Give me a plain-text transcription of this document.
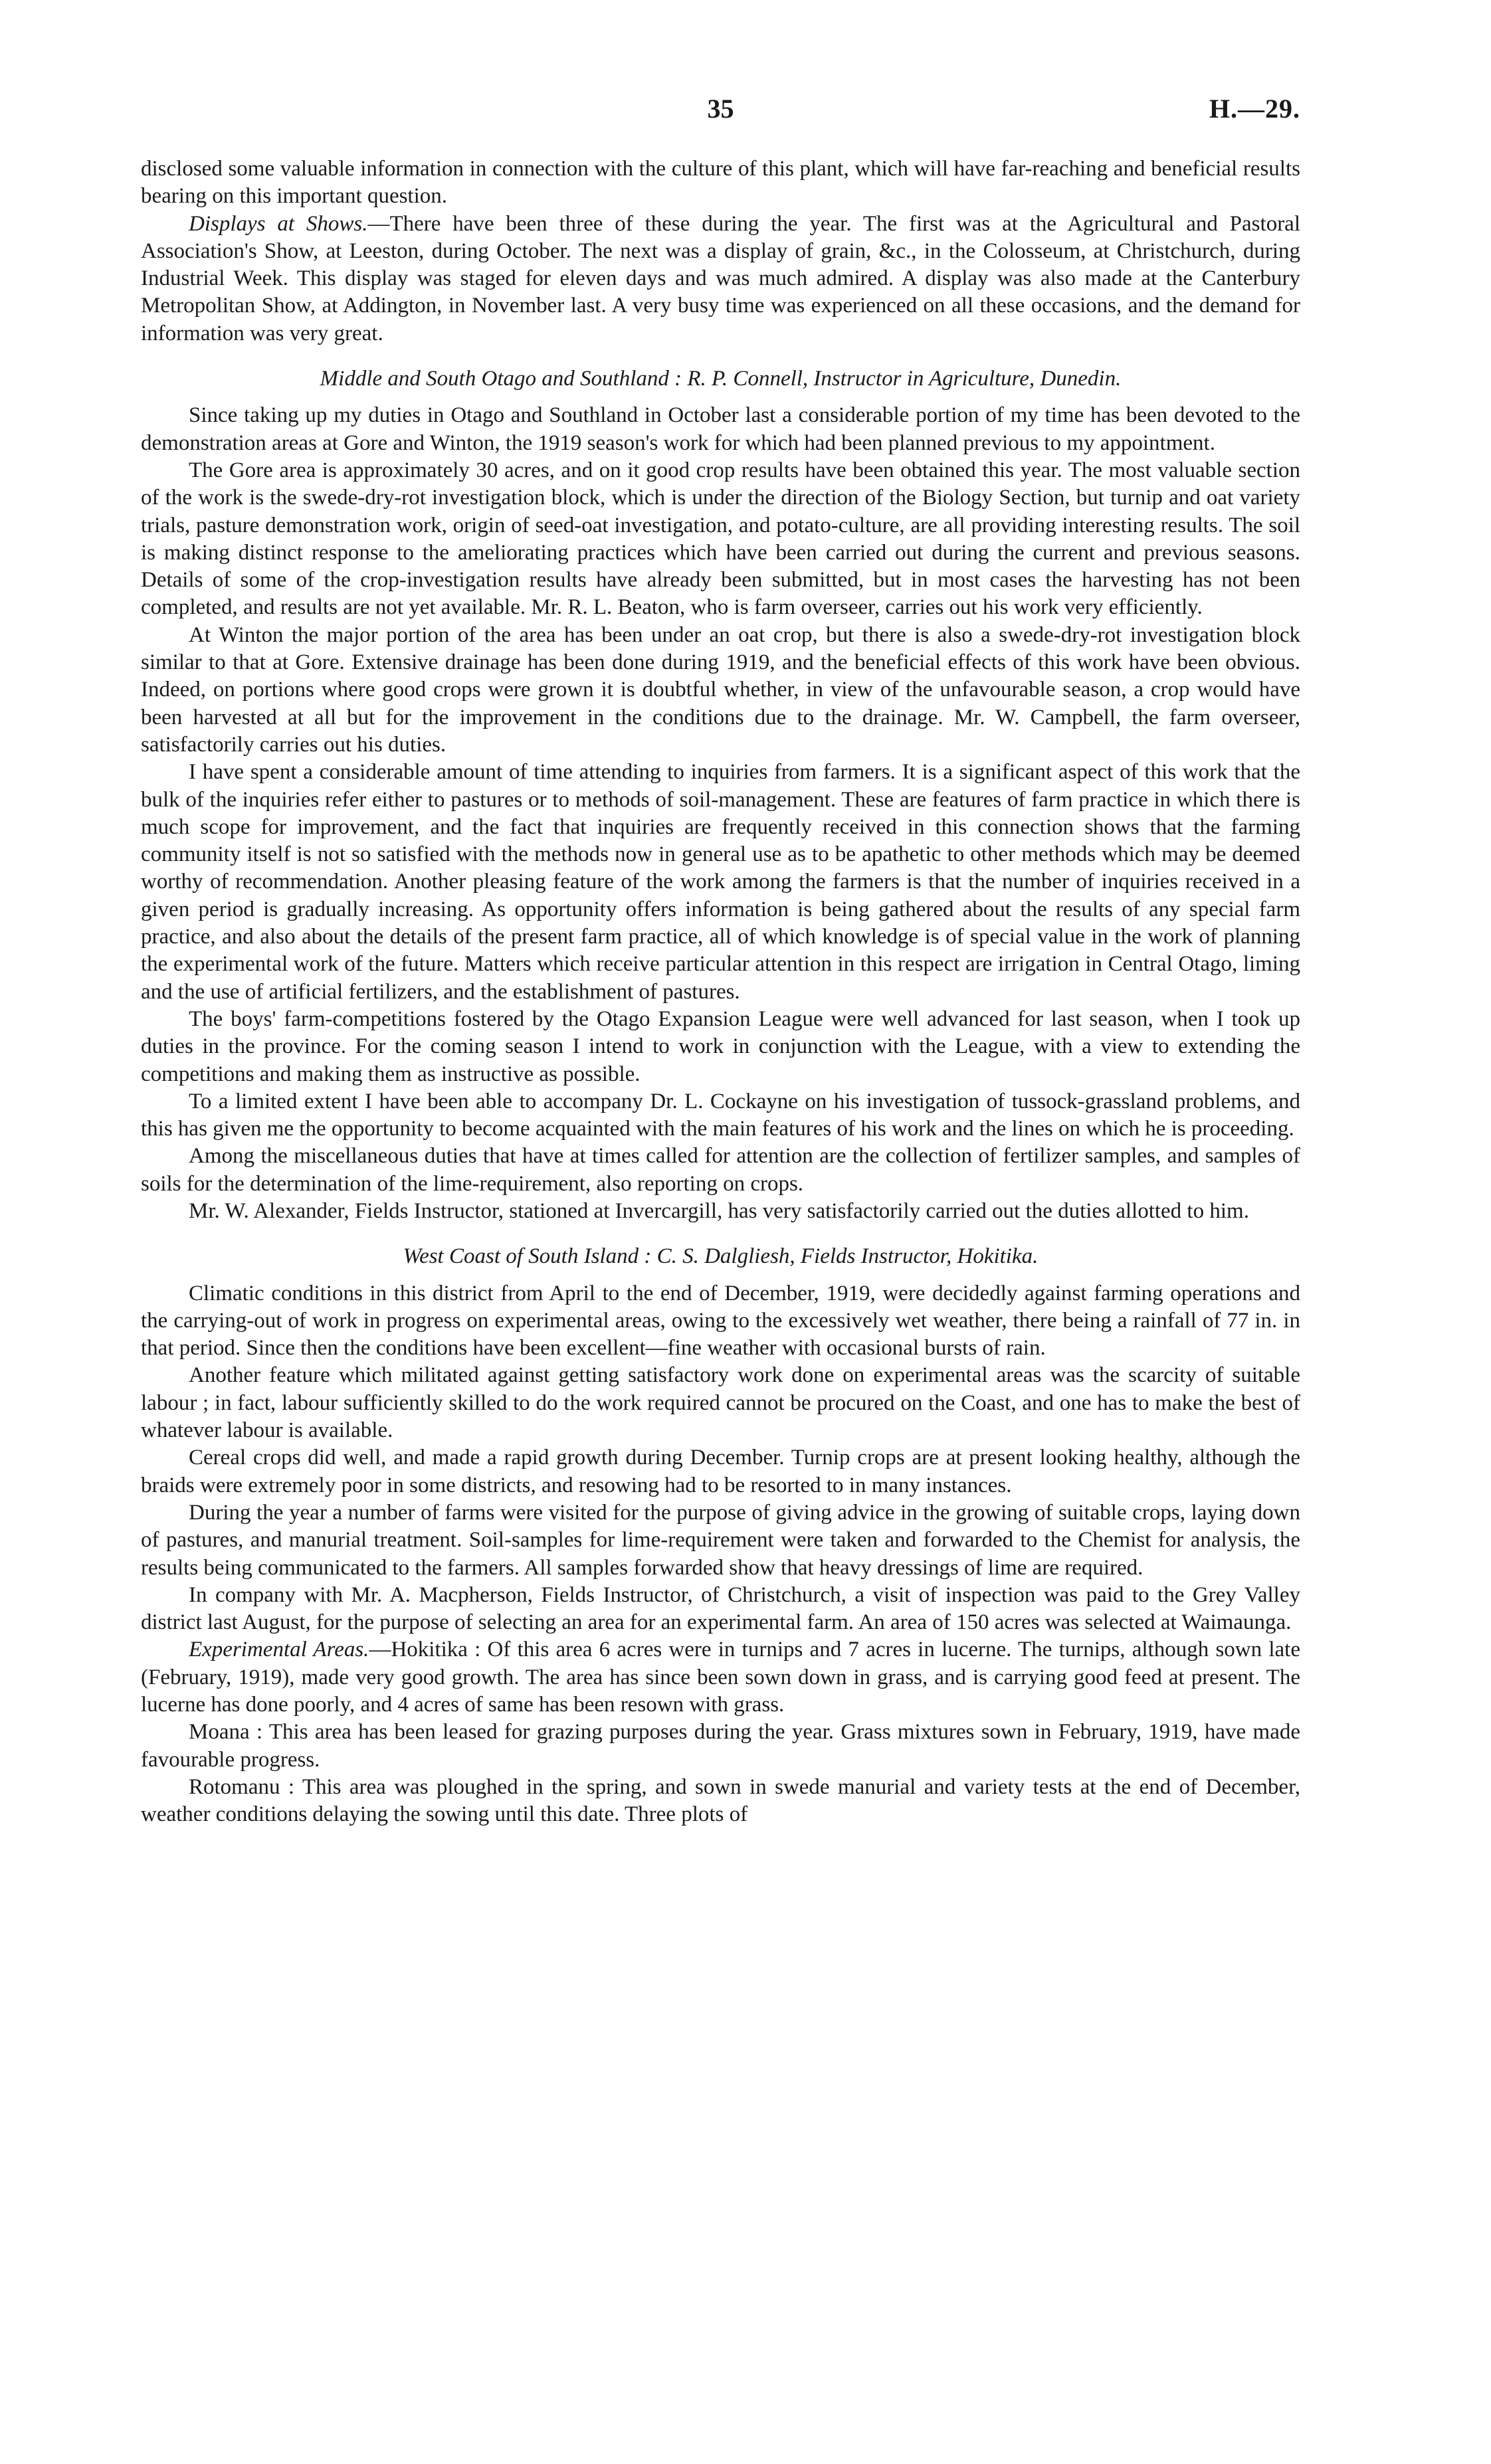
35	H.—29.

disclosed some valuable information in connection with the culture of this plant, which will have far-reaching and beneficial results bearing on this important question.

Displays at Shows.—There have been three of these during the year. The first was at the Agricultural and Pastoral Association's Show, at Leeston, during October. The next was a display of grain, &c., in the Colosseum, at Christchurch, during Industrial Week. This display was staged for eleven days and was much admired. A display was also made at the Canterbury Metropolitan Show, at Addington, in November last. A very busy time was experienced on all these occasions, and the demand for information was very great.

Middle and South Otago and Southland : R. P. Connell, Instructor in Agriculture, Dunedin.

Since taking up my duties in Otago and Southland in October last a considerable portion of my time has been devoted to the demonstration areas at Gore and Winton, the 1919 season's work for which had been planned previous to my appointment.

The Gore area is approximately 30 acres, and on it good crop results have been obtained this year. The most valuable section of the work is the swede-dry-rot investigation block, which is under the direction of the Biology Section, but turnip and oat variety trials, pasture demonstration work, origin of seed-oat investigation, and potato-culture, are all providing interesting results. The soil is making distinct response to the ameliorating practices which have been carried out during the current and previous seasons. Details of some of the crop-investigation results have already been submitted, but in most cases the harvesting has not been completed, and results are not yet available. Mr. R. L. Beaton, who is farm overseer, carries out his work very efficiently.

At Winton the major portion of the area has been under an oat crop, but there is also a swede-dry-rot investigation block similar to that at Gore. Extensive drainage has been done during 1919, and the beneficial effects of this work have been obvious. Indeed, on portions where good crops were grown it is doubtful whether, in view of the unfavourable season, a crop would have been harvested at all but for the improvement in the conditions due to the drainage. Mr. W. Campbell, the farm overseer, satisfactorily carries out his duties.

I have spent a considerable amount of time attending to inquiries from farmers. It is a significant aspect of this work that the bulk of the inquiries refer either to pastures or to methods of soil-management. These are features of farm practice in which there is much scope for improvement, and the fact that inquiries are frequently received in this connection shows that the farming community itself is not so satisfied with the methods now in general use as to be apathetic to other methods which may be deemed worthy of recommendation. Another pleasing feature of the work among the farmers is that the number of inquiries received in a given period is gradually increasing. As opportunity offers information is being gathered about the results of any special farm practice, and also about the details of the present farm practice, all of which knowledge is of special value in the work of planning the experimental work of the future. Matters which receive particular attention in this respect are irrigation in Central Otago, liming and the use of artificial fertilizers, and the establishment of pastures.

The boys' farm-competitions fostered by the Otago Expansion League were well advanced for last season, when I took up duties in the province. For the coming season I intend to work in conjunction with the League, with a view to extending the competitions and making them as instructive as possible.

To a limited extent I have been able to accompany Dr. L. Cockayne on his investigation of tussock-grassland problems, and this has given me the opportunity to become acquainted with the main features of his work and the lines on which he is proceeding.

Among the miscellaneous duties that have at times called for attention are the collection of fertilizer samples, and samples of soils for the determination of the lime-requirement, also reporting on crops.

Mr. W. Alexander, Fields Instructor, stationed at Invercargill, has very satisfactorily carried out the duties allotted to him.

West Coast of South Island : C. S. Dalgliesh, Fields Instructor, Hokitika.

Climatic conditions in this district from April to the end of December, 1919, were decidedly against farming operations and the carrying-out of work in progress on experimental areas, owing to the excessively wet weather, there being a rainfall of 77 in. in that period. Since then the conditions have been excellent—fine weather with occasional bursts of rain.

Another feature which militated against getting satisfactory work done on experimental areas was the scarcity of suitable labour ; in fact, labour sufficiently skilled to do the work required cannot be procured on the Coast, and one has to make the best of whatever labour is available.

Cereal crops did well, and made a rapid growth during December. Turnip crops are at present looking healthy, although the braids were extremely poor in some districts, and resowing had to be resorted to in many instances.

During the year a number of farms were visited for the purpose of giving advice in the growing of suitable crops, laying down of pastures, and manurial treatment. Soil-samples for lime-requirement were taken and forwarded to the Chemist for analysis, the results being communicated to the farmers. All samples forwarded show that heavy dressings of lime are required.

In company with Mr. A. Macpherson, Fields Instructor, of Christchurch, a visit of inspection was paid to the Grey Valley district last August, for the purpose of selecting an area for an experimental farm. An area of 150 acres was selected at Waimaunga.

Experimental Areas.—Hokitika : Of this area 6 acres were in turnips and 7 acres in lucerne. The turnips, although sown late (February, 1919), made very good growth. The area has since been sown down in grass, and is carrying good feed at present. The lucerne has done poorly, and 4 acres of same has been resown with grass.

Moana : This area has been leased for grazing purposes during the year. Grass mixtures sown in February, 1919, have made favourable progress.

Rotomanu : This area was ploughed in the spring, and sown in swede manurial and variety tests at the end of December, weather conditions delaying the sowing until this date. Three plots of
